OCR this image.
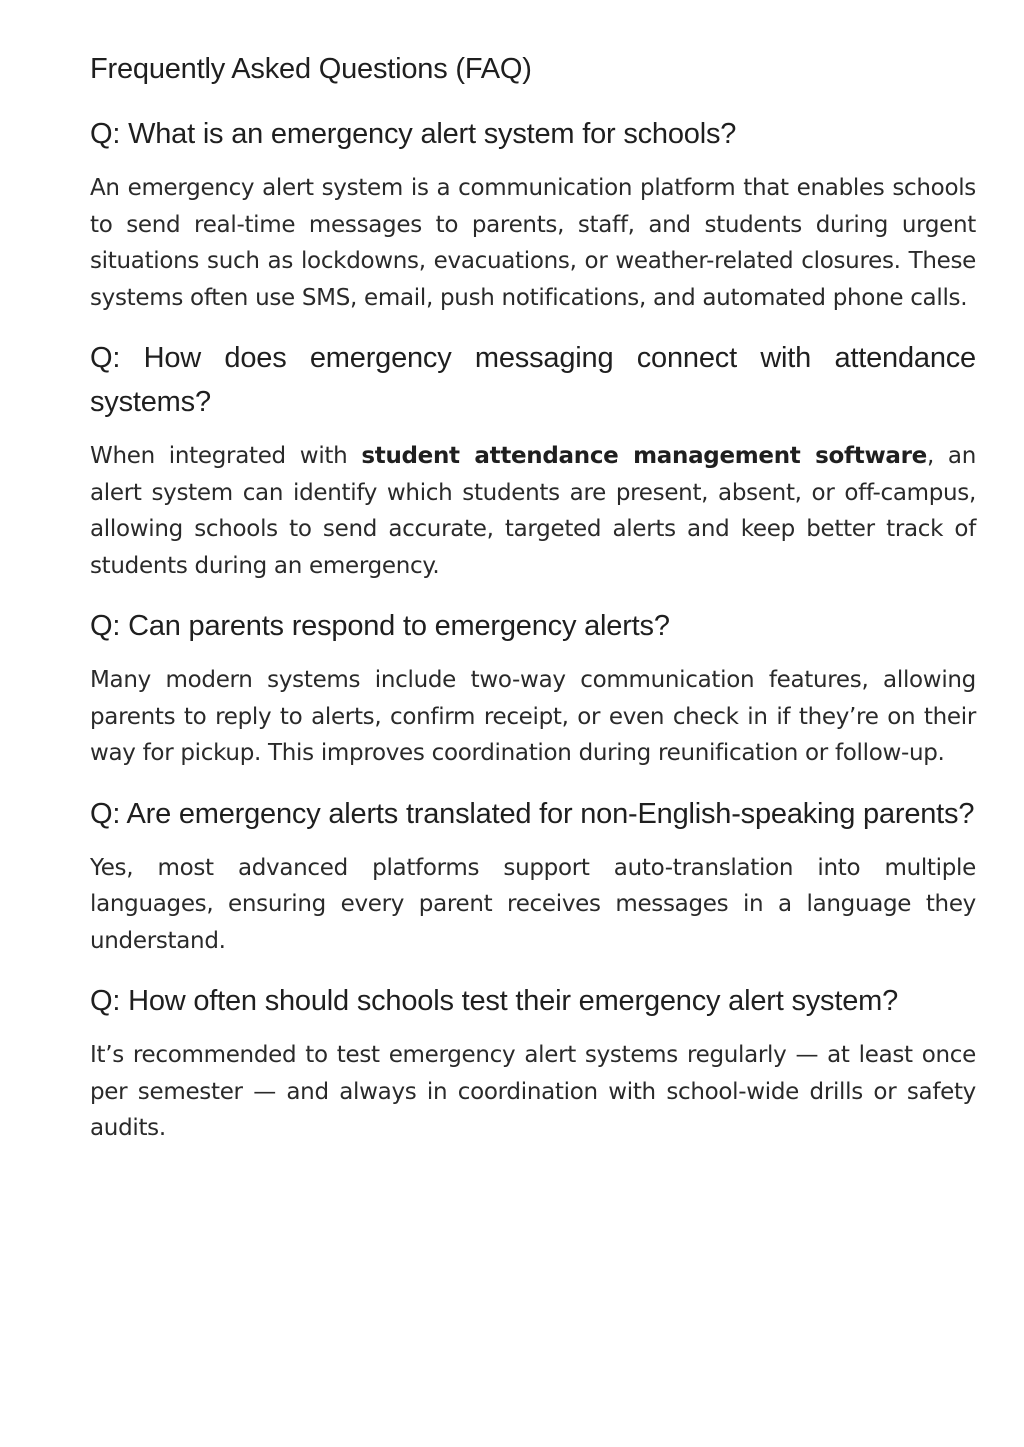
Frequently Asked Questions (FAQ)
Q: What is an emergency alert system for schools?

An emergency alert system is a communication platform that enables schools to send real-time messages to parents, staff, and students during urgent situations such as lockdowns, evacuations, or weather-related closures. These systems often use SMS, email, push notifications, and automated phone calls.

Q: How does emergency messaging connect with attendance systems?

When integrated with student attendance management software, an alert system can identify which students are present, absent, or off-campus, allowing schools to send accurate, targeted alerts and keep better track of students during an emergency.

Q: Can parents respond to emergency alerts?

Many modern systems include two-way communication features, allowing parents to reply to alerts, confirm receipt, or even check in if they’re on their way for pickup. This improves coordination during reunification or follow-up.

Q: Are emergency alerts translated for non-English-speaking parents?

Yes, most advanced platforms support auto-translation into multiple languages, ensuring every parent receives messages in a language they understand.

Q: How often should schools test their emergency alert system?

It’s recommended to test emergency alert systems regularly — at least once per semester — and always in coordination with school-wide drills or safety audits.
